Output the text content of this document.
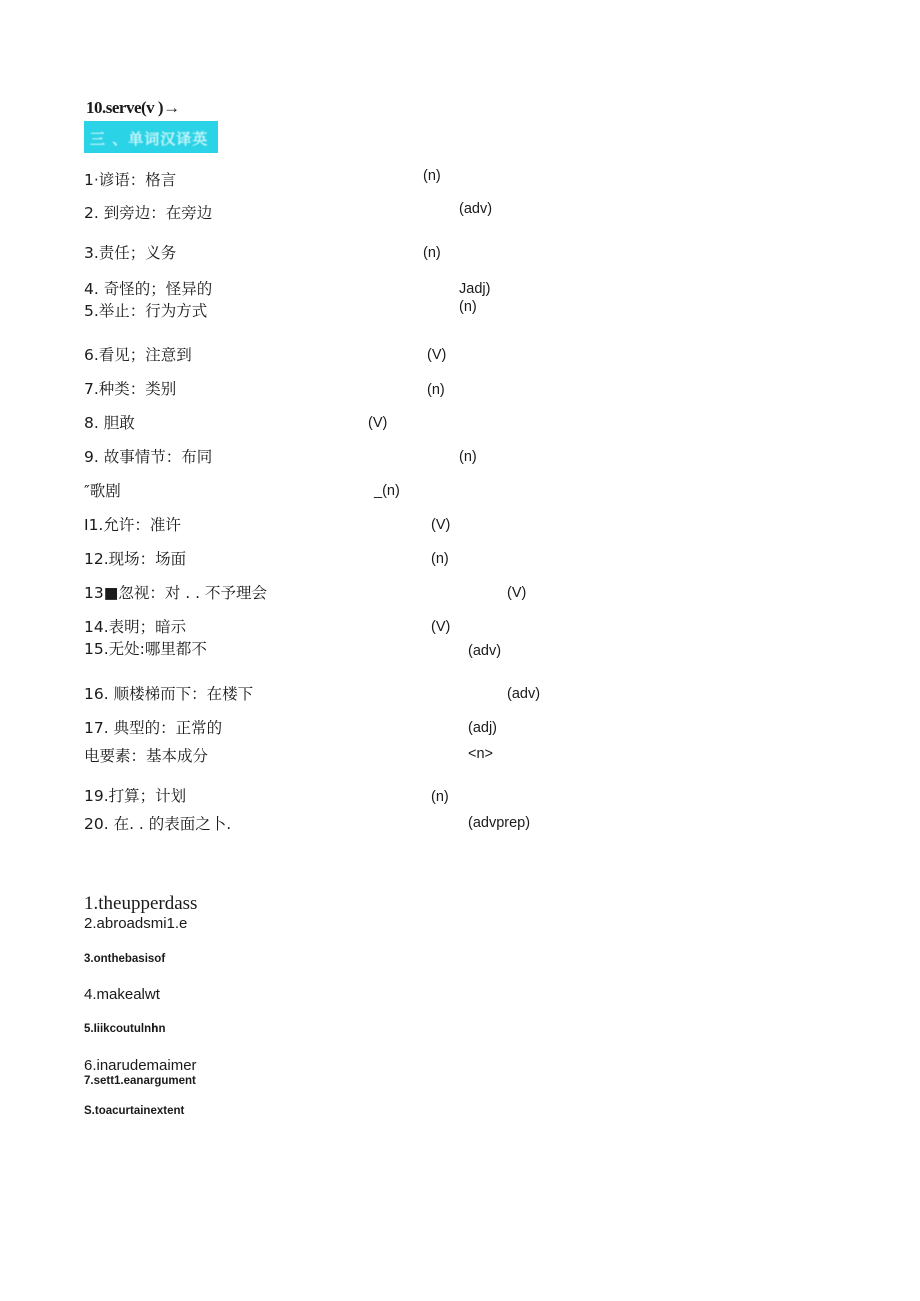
10.serve(v )→
三 、单词汉译英
1·谚语：格言	(n)
2. 到旁边：在旁边	(adv)
3.责任；义务	(n)
4. 奇怪的；怪异的	Jadj)
5.举止：行为方式	(n)
6.看见；注意到	(V)
7.种类：类别	(n)
8. 胆敢	(V)
9. 故事情节：布同	(n)
″歌剧	_(n)
I1.允许：准许	(V)
12.现场：场面	(n)
13■忽视：对 . . 不予理会	(V)
14.表明；暗示	(V)
15.无处:哪里都不	(adv)
16. 顺楼梯而下：在楼下	(adv)
17. 典型的：正常的	(adj)
电要素：基本成分	<n>
19.打算；计划	(n)
20. 在. . 的表面之卜.	(advprep)
1.theupperdass
2.abroadsmi1.e
3.onthebasisof
4.makealwt
5.Iiikcoutulnհn
6.inarudemaimer
7.sett1.eanargument
S.toacurtainextent
